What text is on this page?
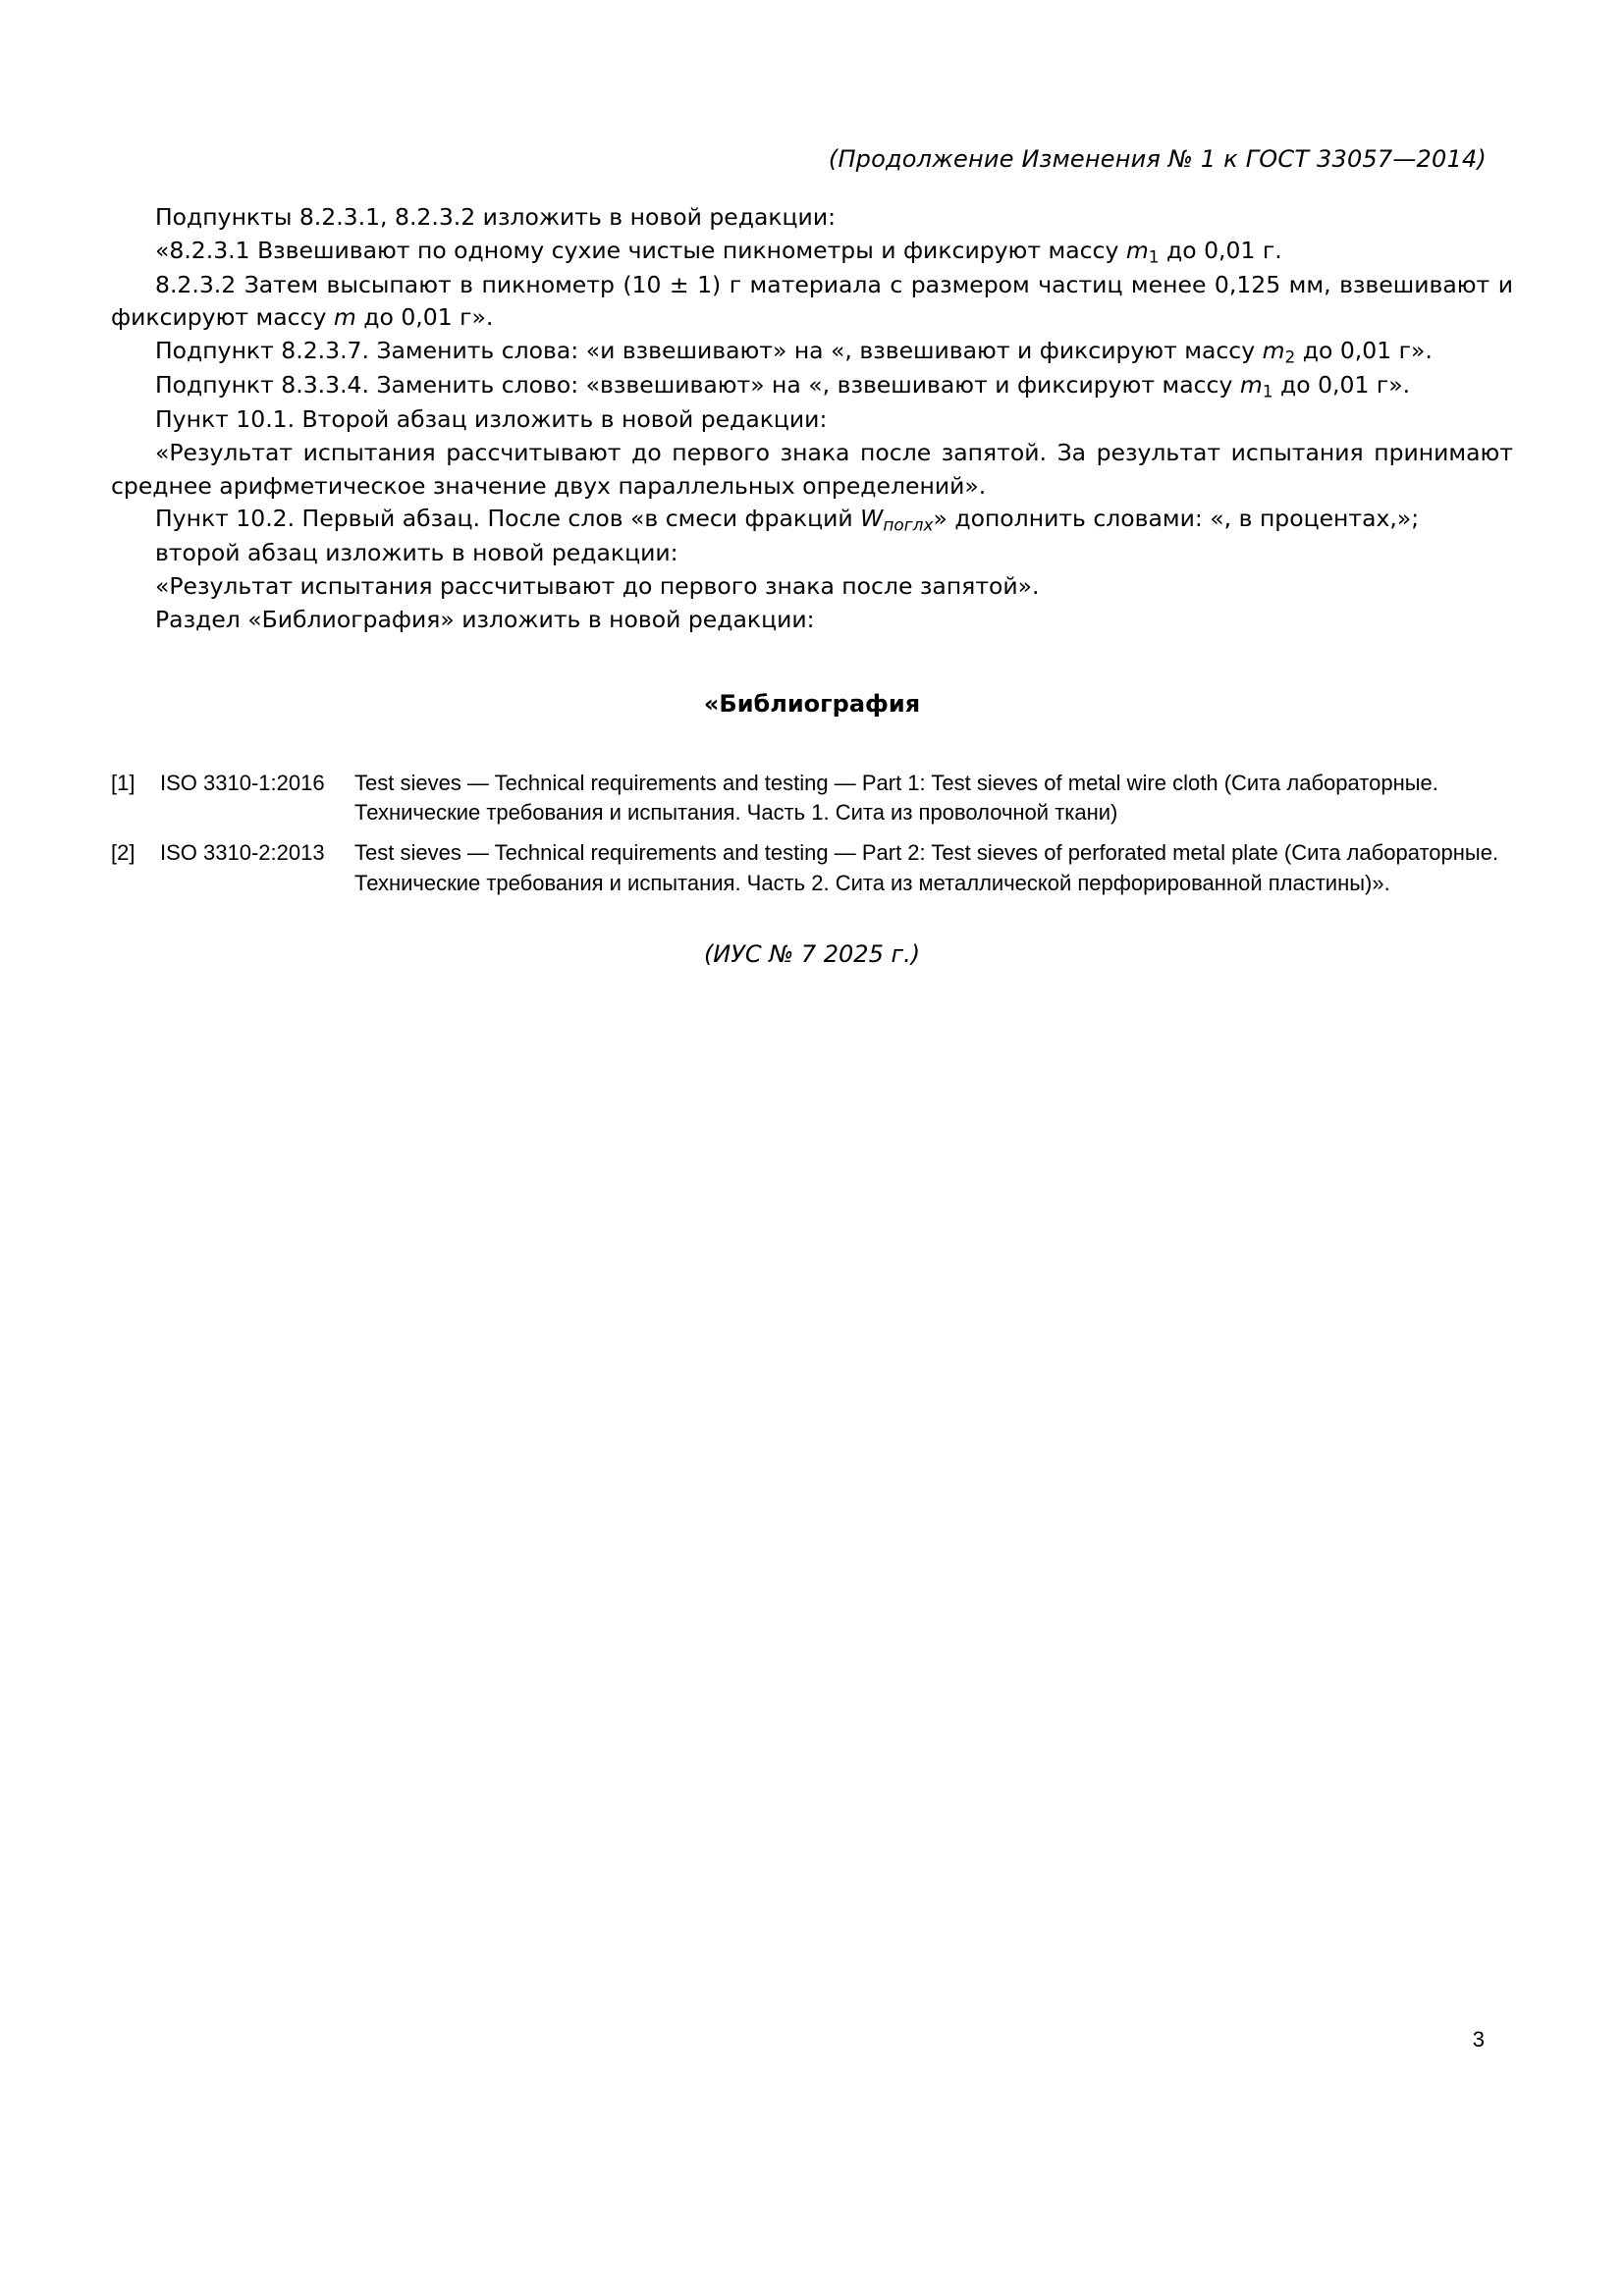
(Продолжение Изменения № 1 к ГОСТ 33057—2014)

Подпункты 8.2.3.1, 8.2.3.2 изложить в новой редакции:

«8.2.3.1 Взвешивают по одному сухие чистые пикнометры и фиксируют массу $m_1$ до 0,01 г.

8.2.3.2 Затем высыпают в пикнометр (10 ± 1) г материала с размером частиц менее 0,125 мм, взвешивают и фиксируют массу m до 0,01 г».

Подпункт 8.2.3.7. Заменить слова: «и взвешивают» на «, взвешивают и фиксируют массу $m_2$ до 0,01 г».

Подпункт 8.3.3.4. Заменить слово: «взвешивают» на «, взвешивают и фиксируют массу $m_1$ до 0,01 г».

Пункт 10.1. Второй абзац изложить в новой редакции:

«Результат испытания рассчитывают до первого знака после запятой. За результат испытания принимают среднее арифметическое значение двух параллельных определений».

Пункт 10.2. Первый абзац. После слов «в смеси фракций $W_{поглх}$» дополнить словами: «, в процентах,»;

второй абзац изложить в новой редакции:

«Результат испытания рассчитывают до первого знака после запятой».

Раздел «Библиография» изложить в новой редакции:

«Библиография
[1]	ISO 3310-1:2016	Test sieves — Technical requirements and testing — Part 1: Test sieves of metal wire cloth (Сита лабораторные. Технические требования и испытания. Часть 1. Сита из проволочной ткани)
[2]	ISO 3310-2:2013	Test sieves — Technical requirements and testing — Part 2: Test sieves of perforated metal plate (Сита лабораторные. Технические требования и испытания. Часть 2. Сита из металлической перфорированной пластины)».
(ИУС № 7 2025 г.)
3
